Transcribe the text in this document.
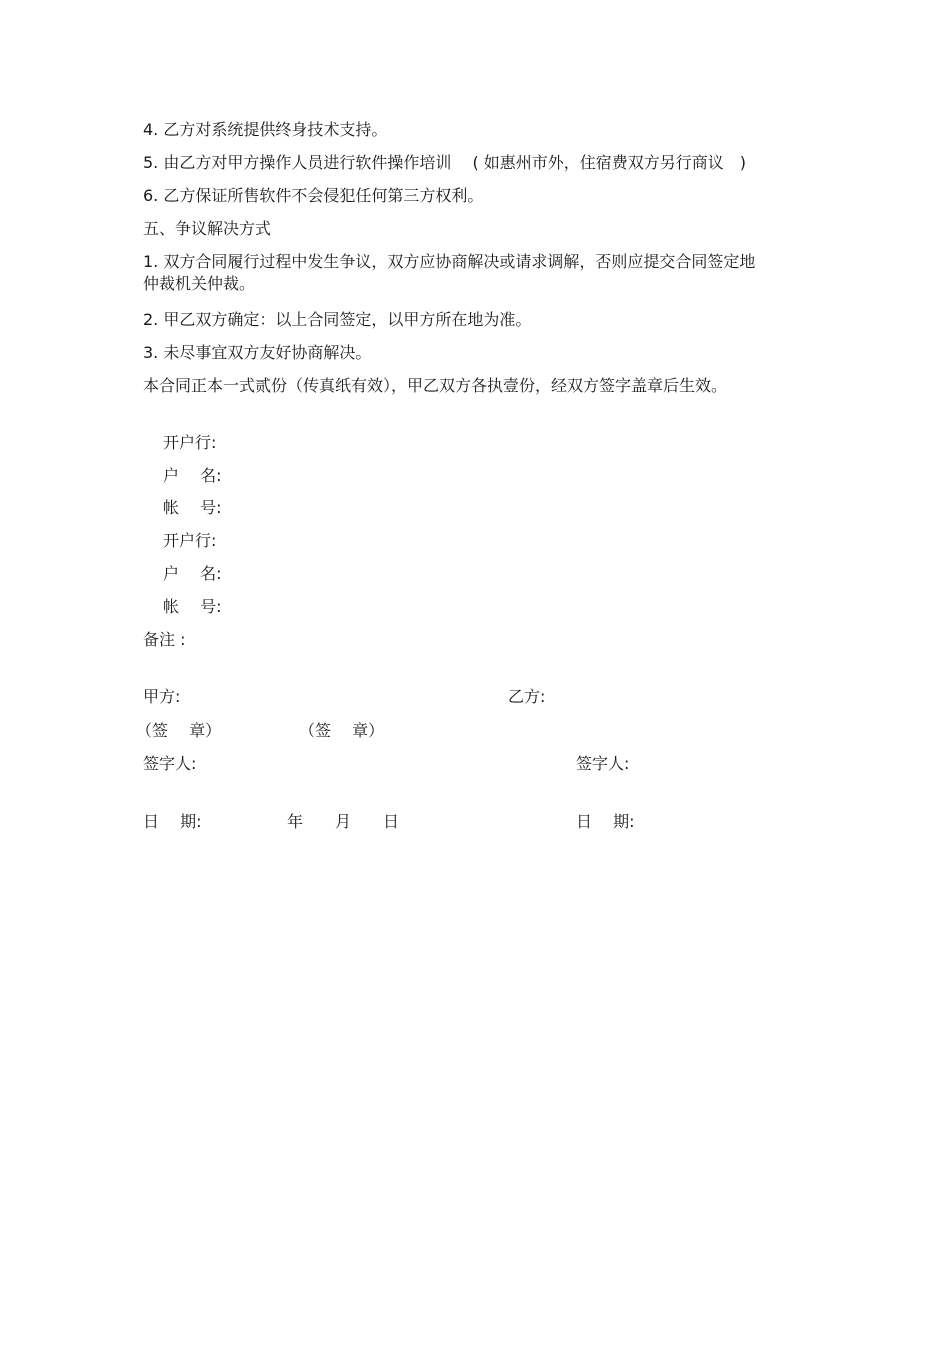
4. 乙方对系统提供终身技术支持。
5. 由乙方对甲方操作人员进行软件操作培训　 ( 如惠州市外，住宿费双方另行商议　)
6. 乙方保证所售软件不会侵犯任何第三方权利。
五、争议解决方式
1. 双方合同履行过程中发生争议，双方应协商解决或请求调解，否则应提交合同签定地仲裁机关仲裁。
2. 甲乙双方确定：以上合同签定，以甲方所在地为准。
3. 未尽事宜双方友好协商解决。
本合同正本一式贰份（传真纸有效），甲乙双方各执壹份，经双方签字盖章后生效。
开户行:
户　 名:
帐　 号:
开户行:
户　 名:
帐　 号:
备注 :
甲方:	乙方:
（签　 章）	（签　 章）
签字人:	签字人:
日　 期:	年　　月　　日	日　 期:
